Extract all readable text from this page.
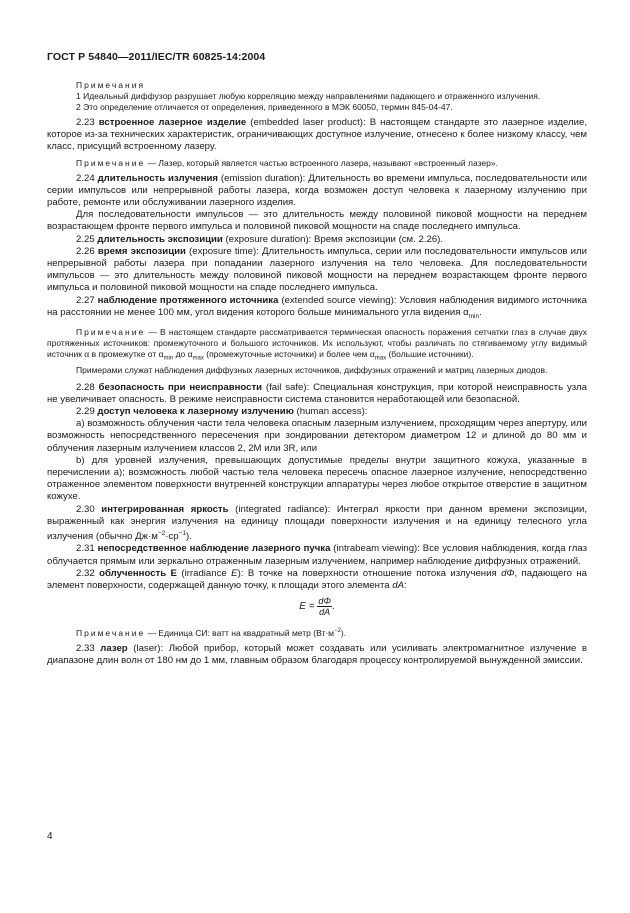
ГОСТ Р 54840—2011/IEC/TR 60825-14:2004

Примечания

1 Идеальный диффузор разрушает любую корреляцию между направлениями падающего и отраженного излучения.

2 Это определение отличается от определения, приведенного в МЭК 60050, термин 845-04-47.

2.23 встроенное лазерное изделие (embedded laser product): В настоящем стандарте это лазерное изделие, которое из-за технических характеристик, ограничивающих доступное излучение, отнесено к более низкому классу, чем класс, присущий встроенному лазеру.

Примечание — Лазер, который является частью встроенного лазера, называют «встроенный лазер».

2.24 длительность излучения (emission duration): Длительность во времени импульса, последовательности или серии импульсов или непрерывной работы лазера, когда возможен доступ человека к лазерному излучению при работе, ремонте или обслуживании лазерного изделия.

Для последовательности импульсов — это длительность между половиной пиковой мощности на переднем возрастающем фронте первого импульса и половиной пиковой мощности на спаде последнего импульса.

2.25 длительность экспозиции (exposure duration): Время экспозиции (см. 2.26).

2.26 время экспозиции (exposure time): Длительность импульса, серии или последовательности импульсов или непрерывной работы лазера при попадании лазерного излучения на тело человека. Для последовательности импульсов — это длительность между половиной пиковой мощности на переднем возрастающем фронте первого импульса и половиной пиковой мощности на спаде последнего импульса.

2.27 наблюдение протяженного источника (extended source viewing): Условия наблюдения видимого источника на расстоянии не менее 100 мм, угол видения которого больше минимального угла видения $\alpha_{min}$.

Примечание — В настоящем стандарте рассматривается термическая опасность поражения сетчатки глаз в случае двух протяженных источников: промежуточного и большого источников. Их используют, чтобы различать по стягиваемому углу видимый источник α в промежутке от $\alpha_{min}$ до $\alpha_{max}$ (промежуточные источники) и более чем $\alpha_{max}$ (большие источники).

Примерами служат наблюдения диффузных лазерных источников, диффузных отражений и матриц лазерных диодов.

2.28 безопасность при неисправности (fail safe): Специальная конструкция, при которой неисправность узла не увеличивает опасность. В режиме неисправности система становится неработающей или безопасной.

2.29 доступ человека к лазерному излучению (human access):

a) возможность облучения части тела человека опасным лазерным излучением, проходящим через апертуру, или возможность непосредственного пересечения при зондировании детектором диаметром 12 и длиной до 80 мм и облучения лазерным излучением классов 2, 2М или 3R, или

b) для уровней излучения, превышающих допустимые пределы внутри защитного кожуха, указанные в перечислении а); возможность любой частью тела человека пересечь опасное лазерное излучение, непосредственно отраженное элементом поверхности внутренней конструкции аппаратуры через любое открытое отверстие в защитном кожухе.

2.30 интегрированная яркость (integrated radiance): Интеграл яркости при данном времени экспозиции, выраженный как энергия излучения на единицу площади поверхности излучения и на единицу телесного угла излучения (обычно $Дж\cdot м^{-2}\cdot ср^{-1}$).

2.31 непосредственное наблюдение лазерного пучка (intrabeam viewing): Все условия наблюдения, когда глаз облучается прямым или зеркально отраженным лазерным излучением, например наблюдение диффузных отражений.

2.32 облученность E (irradiance E): В точке на поверхности отношение потока излучения dΦ, падающего на элемент поверхности, содержащей данную точку, к площади этого элемента dA:

$E = \frac{d\Phi}{dA}$ .

Примечание — Единица СИ: ватт на квадратный метр $(Вт\cdot м^{-2})$.

2.33 лазер (laser): Любой прибор, который может создавать или усиливать электромагнитное излучение в диапазоне длин волн от 180 нм до 1 мм, главным образом благодаря процессу контролируемой вынужденной эмиссии.

4
